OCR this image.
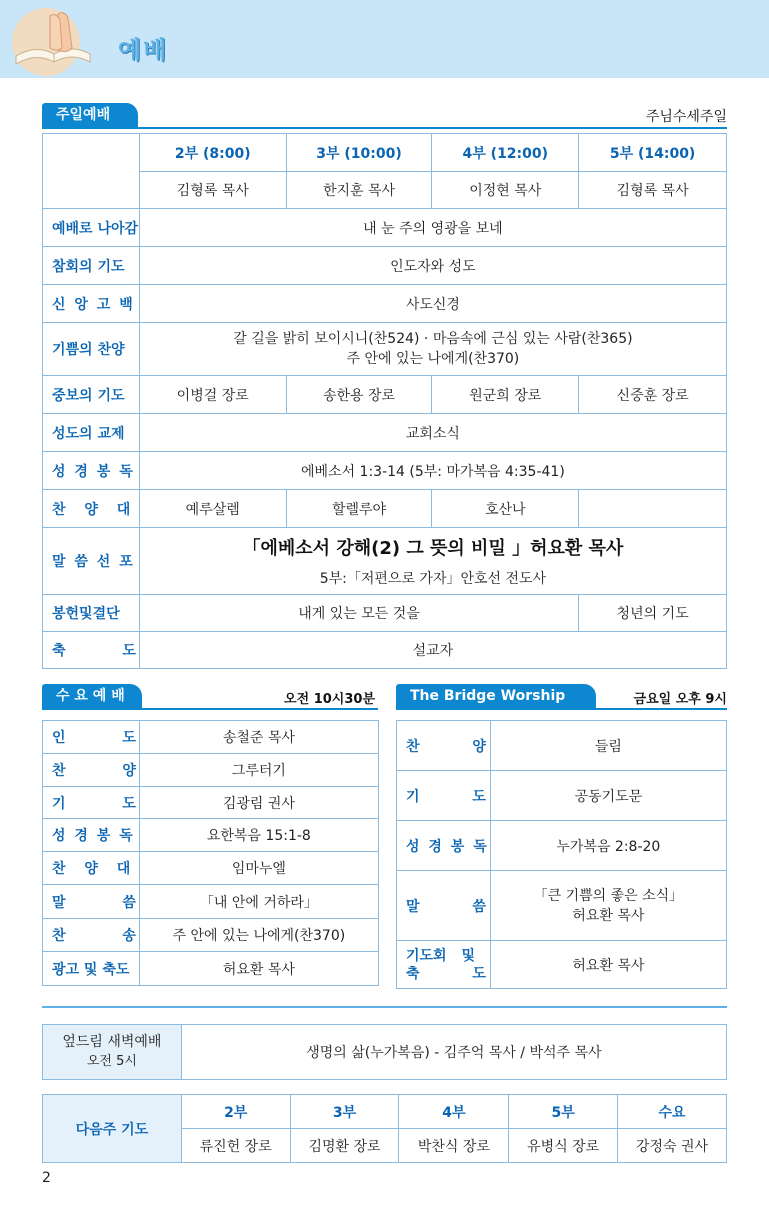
예배
주일예배	주님수세주일
	2부 (8:00)	3부 (10:00)	4부 (12:00)	5부 (14:00)
	김형록 목사	한지훈 목사	이정현 목사	김형록 목사
예배로 나아감	내 눈 주의 영광을 보네			
참회의 기도	인도자와 성도			
신 앙 고 백	사도신경			
기쁨의 찬양	갈 길을 밝히 보이시니(찬524) · 마음속에 근심 있는 사람(찬365)
주 안에 있는 나에게(찬370)			

중보의 기도	이병걸 장로	송한용 장로	원군희 장로	신중훈 장로
성도의 교제	교회소식			
성 경 봉 독	에베소서 1:3-14 (5부: 마가복음 4:35-41)			
찬 양 대	예루살렘	할렐루야	호산나	
말 씀 선 포	「에베소서 강해(2) 그 뜻의 비밀 」허요환 목사
5부:「저편으로 가자」안호선 전도사			

봉헌및결단	내게 있는 모든 것을			청년의 기도
축 도	설교자			
수 요 예 배	오전 10시30분
인 도	송철준 목사
찬 양	그루터기
기 도	김광림 권사
성 경 봉 독	요한복음 15:1-8
찬 양 대	임마누엘
말 씀	「내 안에 거하라」
찬 송	주 안에 있는 나에게(찬370)
광고 및 축도	허요환 목사
The Bridge Worship	금요일 오후 9시
찬 양	들림
기 도	공동기도문
성 경 봉 독	누가복음 2:8-20
말 씀	「큰 기쁨의 좋은 소식」
허요환 목사

기도회 및
축 도	허요환 목사
엎드림 새벽예배
오전 5시
	생명의 삶(누가복음) - 김주억 목사 / 박석주 목사
다음주 기도	2부	3부	4부	5부	수요
	류진헌 장로	김명환 장로	박찬식 장로	유병식 장로	강정숙 권사
2
